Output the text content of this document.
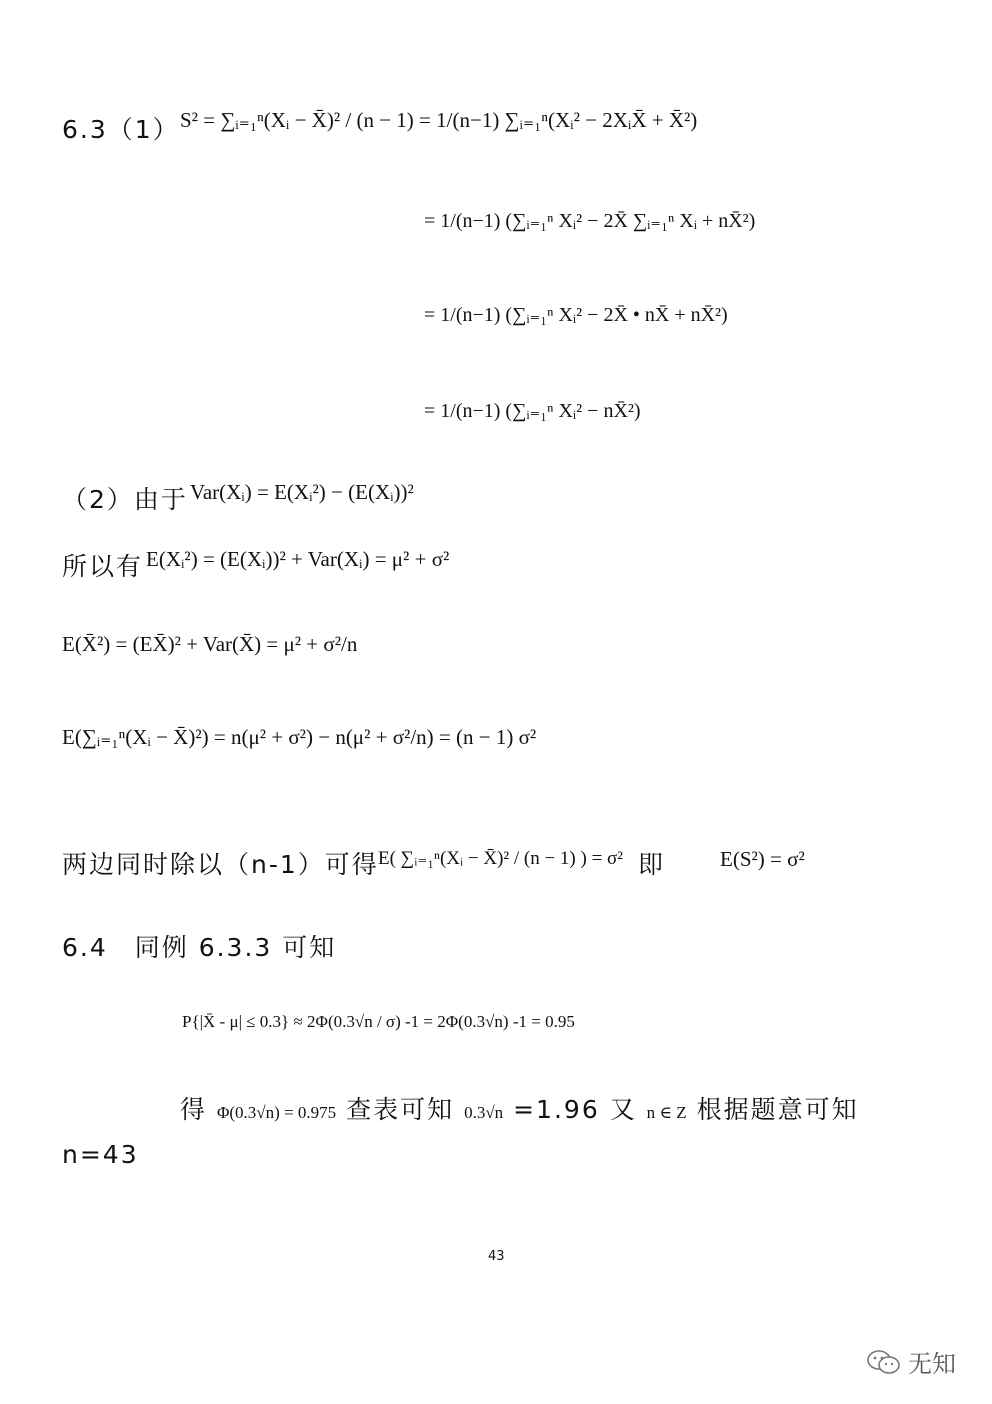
6.3（1） S² = ∑ᵢ₌₁ⁿ(Xᵢ − X̄)² / (n − 1) = 1/(n−1) ∑ᵢ₌₁ⁿ(Xᵢ² − 2XᵢX̄ + X̄²)
= 1/(n−1) (∑ᵢ₌₁ⁿ Xᵢ² − 2X̄ ∑ᵢ₌₁ⁿ Xᵢ + nX̄²)
= 1/(n−1) (∑ᵢ₌₁ⁿ Xᵢ² − 2X̄ • nX̄ + nX̄²)
= 1/(n−1) (∑ᵢ₌₁ⁿ Xᵢ² − nX̄²)
（2）由于 Var(Xᵢ) = E(Xᵢ²) − (E(Xᵢ))²
所以有 E(Xᵢ²) = (E(Xᵢ))² + Var(Xᵢ) = μ² + σ²
E(X̄²) = (EX̄)² + Var(X̄) = μ² + σ²/n
E(∑ᵢ₌₁ⁿ(Xᵢ − X̄)²) = n(μ² + σ²) − n(μ² + σ²/n) = (n − 1) σ²
两边同时除以（n-1）可得 E( ∑ᵢ₌₁ⁿ(Xᵢ − X̄)² / (n − 1) ) = σ² 即	E(S²) = σ²
6.4　同例 6.3.3 可知
P{|X̄ - μ| ≤ 0.3} ≈ 2Φ(0.3√n / σ) -1 = 2Φ(0.3√n) -1 = 0.95
得 Φ(0.3√n) = 0.975 查表可知 0.3√n =1.96 又 n ∈ Z 根据题意可知
n=43
43
无知
